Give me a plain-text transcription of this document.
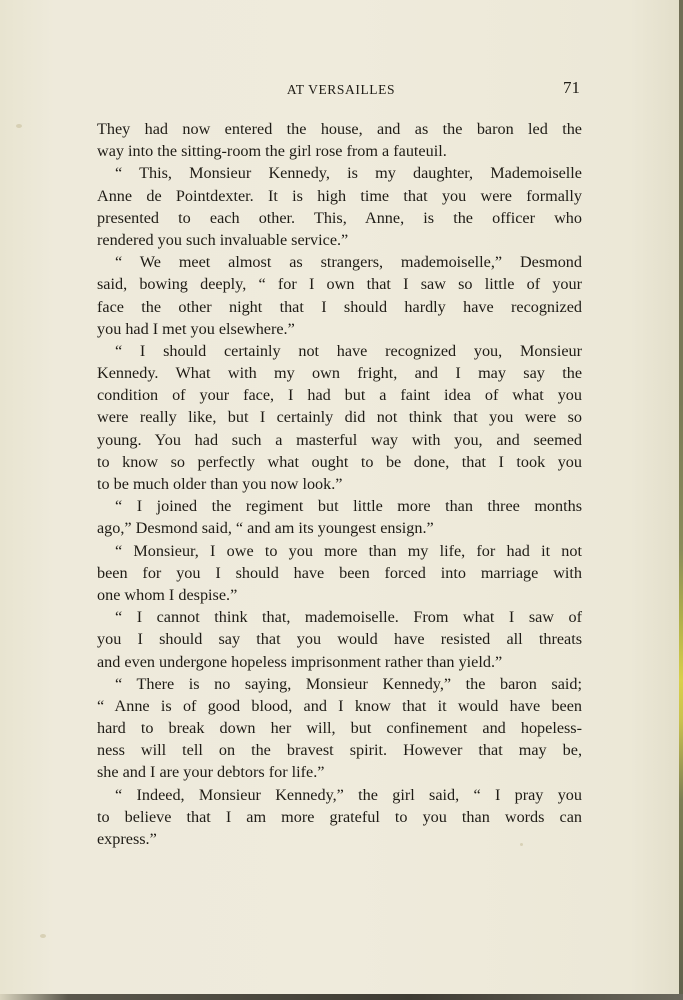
AT VERSAILLES	71
They had now entered the house, and as the baron led the
way into the sitting-room the girl rose from a fauteuil.
“ This, Monsieur Kennedy, is my daughter, Mademoiselle
Anne de Pointdexter. It is high time that you were formally
presented to each other. This, Anne, is the officer who
rendered you such invaluable service.”
“ We meet almost as strangers, mademoiselle,” Desmond
said, bowing deeply, “ for I own that I saw so little of your
face the other night that I should hardly have recognized
you had I met you elsewhere.”
“ I should certainly not have recognized you, Monsieur
Kennedy. What with my own fright, and I may say the
condition of your face, I had but a faint idea of what you
were really like, but I certainly did not think that you were so
young. You had such a masterful way with you, and seemed
to know so perfectly what ought to be done, that I took you
to be much older than you now look.”
“ I joined the regiment but little more than three months
ago,” Desmond said, “ and am its youngest ensign.”
“ Monsieur, I owe to you more than my life, for had it not
been for you I should have been forced into marriage with
one whom I despise.”
“ I cannot think that, mademoiselle. From what I saw of
you I should say that you would have resisted all threats
and even undergone hopeless imprisonment rather than yield.”
“ There is no saying, Monsieur Kennedy,” the baron said;
“ Anne is of good blood, and I know that it would have been
hard to break down her will, but confinement and hopeless-
ness will tell on the bravest spirit. However that may be,
she and I are your debtors for life.”
“ Indeed, Monsieur Kennedy,” the girl said, “ I pray you
to believe that I am more grateful to you than words can
express.”
